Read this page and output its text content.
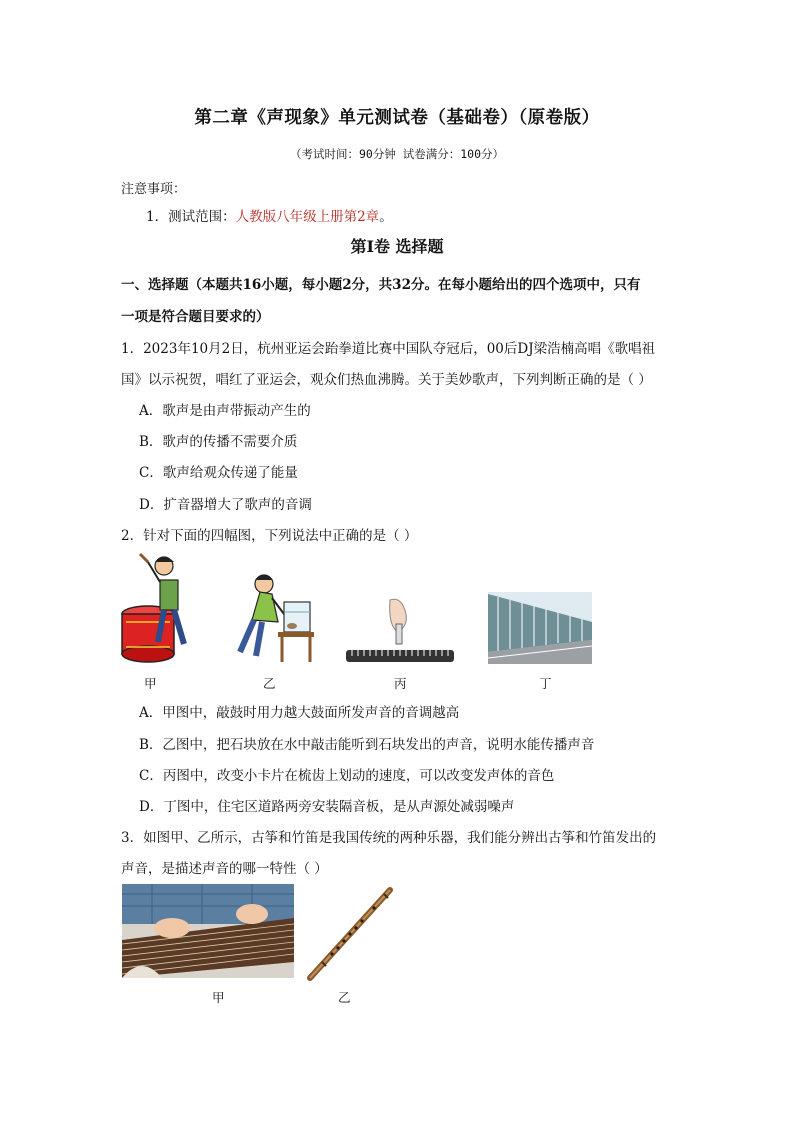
第二章《声现象》单元测试卷（基础卷）（原卷版）
（考试时间：90分钟 试卷满分：100分）
注意事项：
1．测试范围：人教版八年级上册第2章。
第Ⅰ卷 选择题
一、选择题（本题共16小题，每小题2分，共32分。在每小题给出的四个选项中，只有
一项是符合题目要求的）
1．2023年10月2日，杭州亚运会跆拳道比赛中国队夺冠后，00后DJ梁浩楠高唱《歌唱祖
国》以示祝贺，唱红了亚运会，观众们热血沸腾。关于美妙歌声，下列判断正确的是（ ）
A．歌声是由声带振动产生的
B．歌声的传播不需要介质
C．歌声给观众传递了能量
D．扩音器增大了歌声的音调
2．针对下面的四幅图，下列说法中正确的是（ ）
甲	乙	丙	丁
A．甲图中，敲鼓时用力越大鼓面所发声音的音调越高
B．乙图中，把石块放在水中敲击能听到石块发出的声音，说明水能传播声音
C．丙图中，改变小卡片在梳齿上划动的速度，可以改变发声体的音色
D．丁图中，住宅区道路两旁安装隔音板，是从声源处减弱噪声
3．如图甲、乙所示，古筝和竹笛是我国传统的两种乐器，我们能分辨出古筝和竹笛发出的
声音，是描述声音的哪一特性（ ）
甲	乙
